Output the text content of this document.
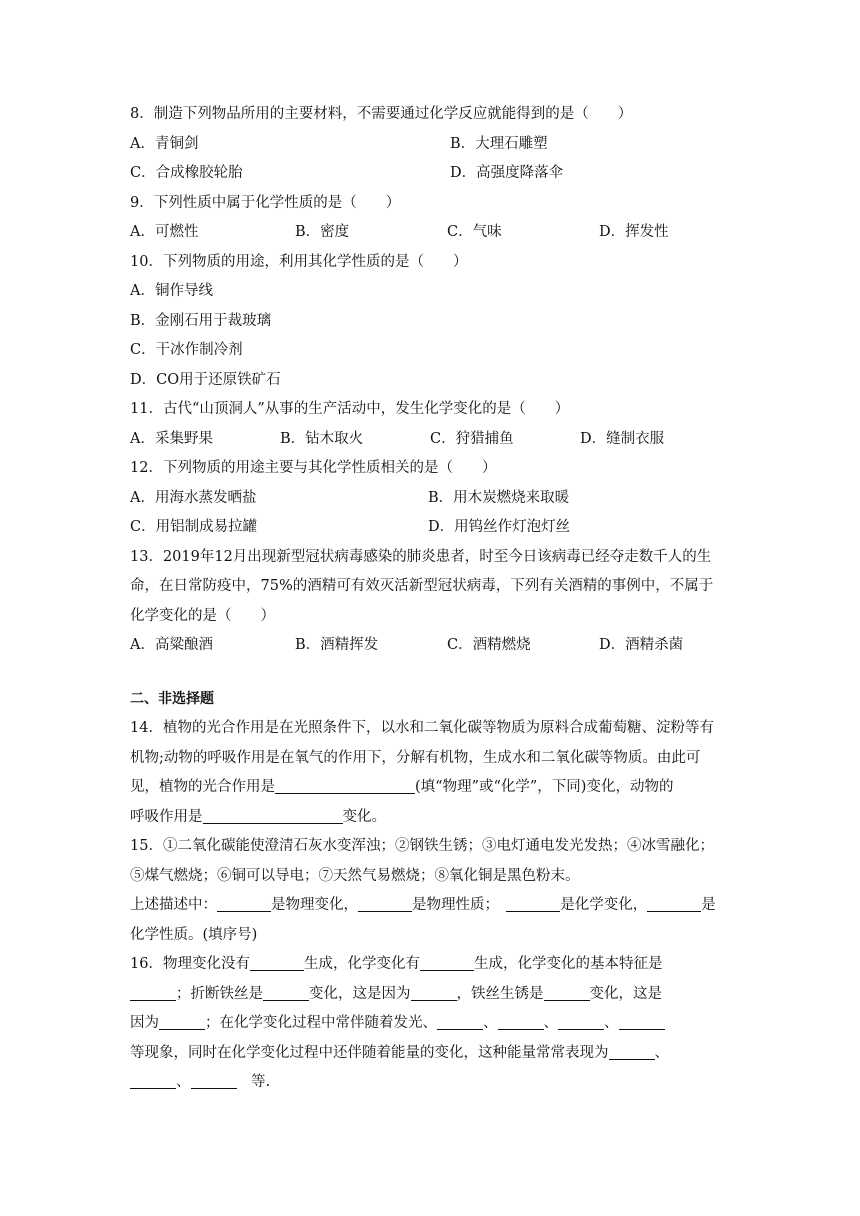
8．制造下列物品所用的主要材料，不需要通过化学反应就能得到的是（　　）
A．青铜剑	B．大理石雕塑
C．合成橡胶轮胎	D．高强度降落伞
9．下列性质中属于化学性质的是（　　）
A．可燃性	B．密度	C．气味	D．挥发性
10．下列物质的用途，利用其化学性质的是（　　）
A．铜作导线
B．金刚石用于裁玻璃
C．干冰作制冷剂
D．CO用于还原铁矿石
11．古代“山顶洞人”从事的生产活动中，发生化学变化的是（　　）
A．采集野果	B．钻木取火	C．狩猎捕鱼	D．缝制衣服
12．下列物质的用途主要与其化学性质相关的是（　　）
A．用海水蒸发晒盐	B．用木炭燃烧来取暖
C．用铝制成易拉罐	D．用钨丝作灯泡灯丝
13．2019年12月出现新型冠状病毒感染的肺炎患者，时至今日该病毒已经夺走数千人的生
命，在日常防疫中，75%的酒精可有效灭活新型冠状病毒，下列有关酒精的事例中，不属于
化学变化的是（　　）
A．高粱酿酒	B．酒精挥发	C．酒精燃烧	D．酒精杀菌
二、非选择题
14．植物的光合作用是在光照条件下，以水和二氧化碳等物质为原料合成葡萄糖、淀粉等有
机物;动物的呼吸作用是在氧气的作用下，分解有机物，生成水和二氧化碳等物质。由此可
见，植物的光合作用是	(填“物理”或“化学”，下同)变化，动物的
呼吸作用是	变化。
15．①二氧化碳能使澄清石灰水变浑浊；②钢铁生锈；③电灯通电发光发热；④冰雪融化；
⑤煤气燃烧；⑥铜可以导电；⑦天然气易燃烧；⑧氧化铜是黑色粉末。
上述描述中：	是物理变化，	是物理性质；　	是化学变化，	是
化学性质。(填序号)
16．物理变化没有	生成，化学变化有	生成，化学变化的基本特征是
；折断铁丝是	变化，这是因为	，铁丝生锈是	变化，这是
因为	；在化学变化过程中常伴随着发光、	、	、	、
等现象，同时在化学变化过程中还伴随着能量的变化，这种能量常常表现为	、
、	　等.
